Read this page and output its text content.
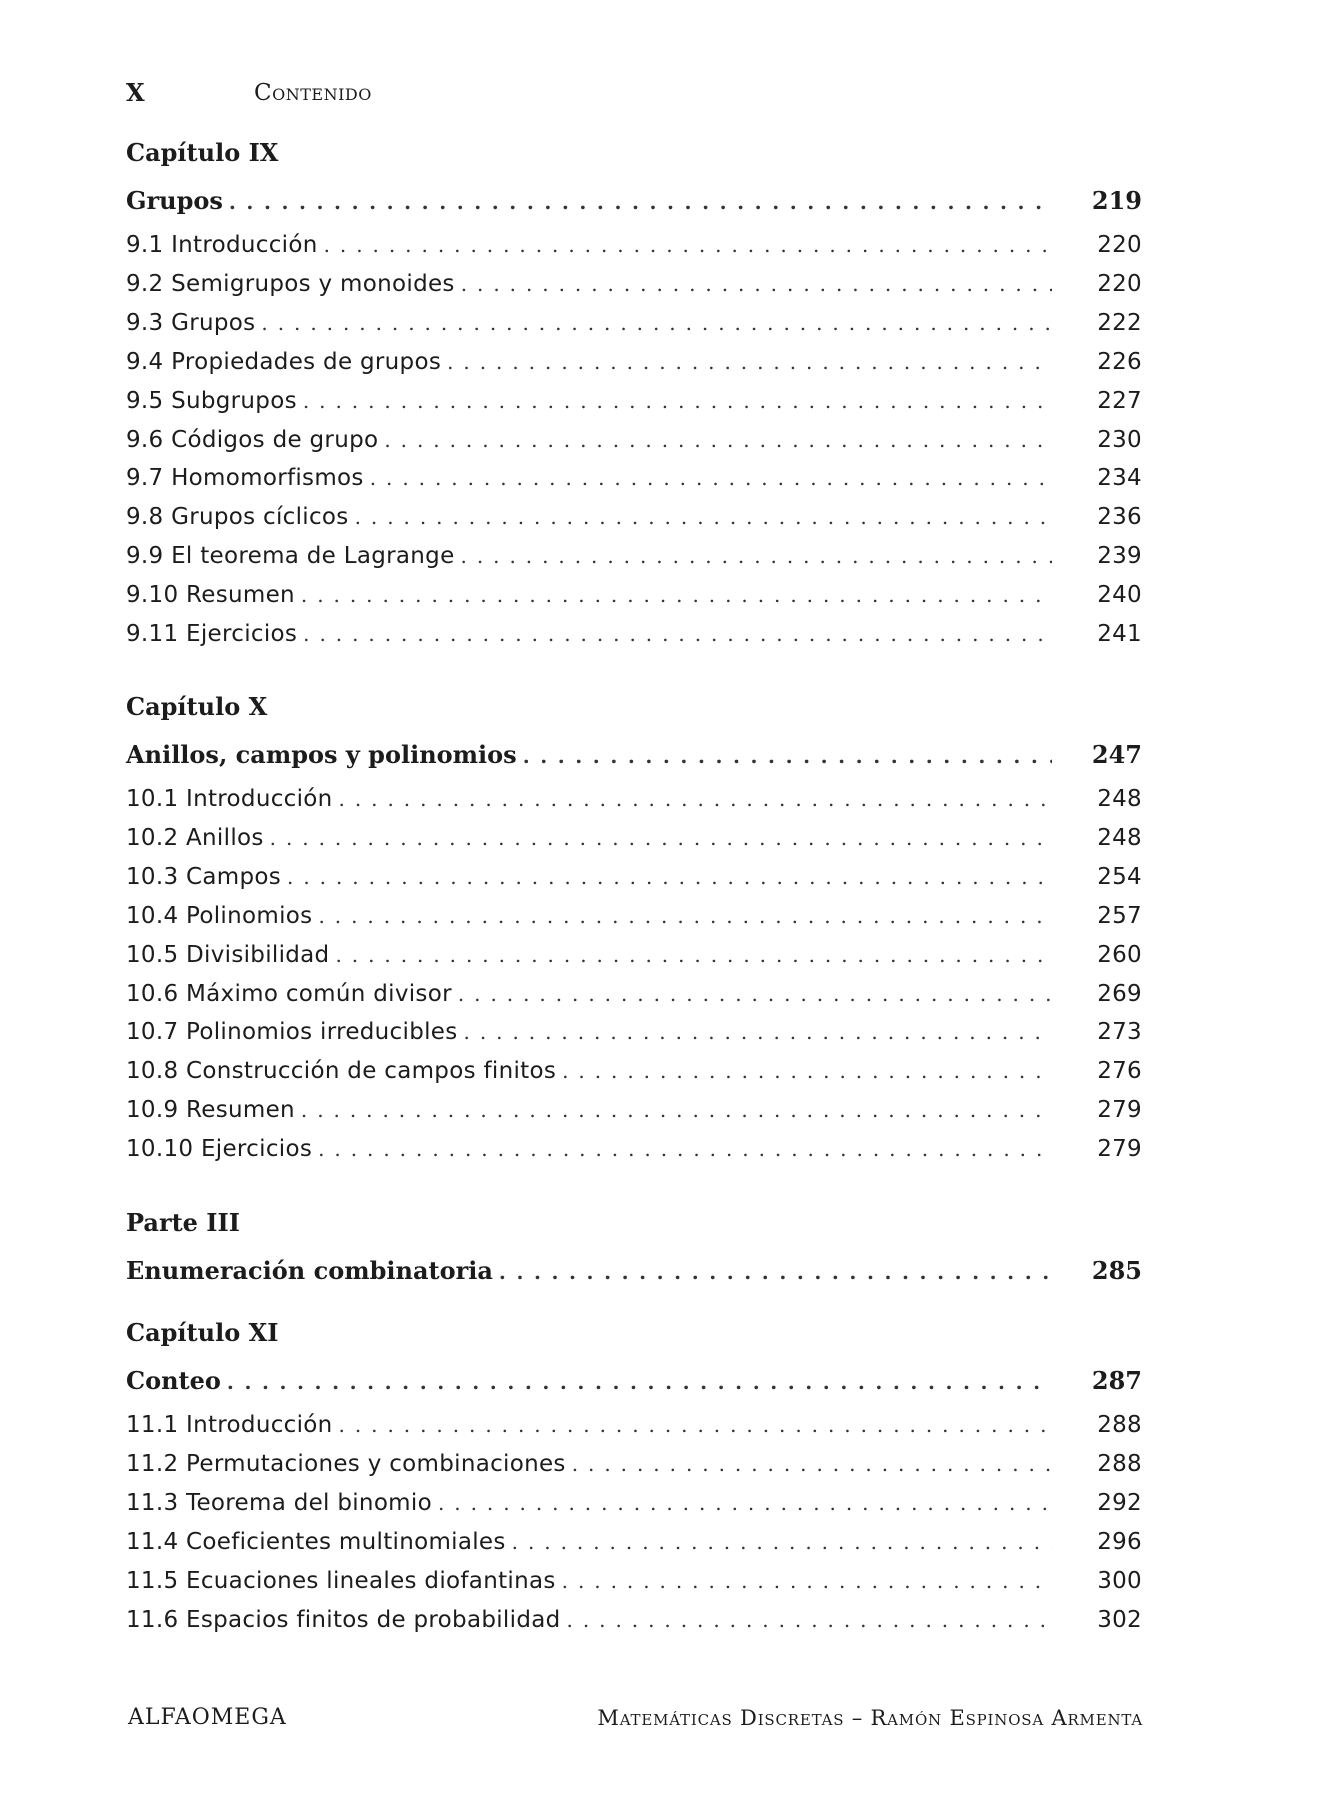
X	Contenido
Capítulo IX
Grupos . . .	219
9.1 Introducción . . .	220
9.2 Semigrupos y monoides . . .	220
9.3 Grupos . . .	222
9.4 Propiedades de grupos . . .	226
9.5 Subgrupos . . .	227
9.6 Códigos de grupo . . .	230
9.7 Homomorfismos . . .	234
9.8 Grupos cíclicos . . .	236
9.9 El teorema de Lagrange . . .	239
9.10 Resumen . . .	240
9.11 Ejercicios . . .	241
Capítulo X
Anillos, campos y polinomios . . .	247
10.1 Introducción . . .	248
10.2 Anillos . . .	248
10.3 Campos . . .	254
10.4 Polinomios . . .	257
10.5 Divisibilidad . . .	260
10.6 Máximo común divisor . . .	269
10.7 Polinomios irreducibles . . .	273
10.8 Construcción de campos finitos . . .	276
10.9 Resumen . . .	279
10.10 Ejercicios . . .	279
Parte III
Enumeración combinatoria . . .	285
Capítulo XI
Conteo . . .	287
11.1 Introducción . . .	288
11.2 Permutaciones y combinaciones . . .	288
11.3 Teorema del binomio . . .	292
11.4 Coeficientes multinomiales . . .	296
11.5 Ecuaciones lineales diofantinas . . .	300
11.6 Espacios finitos de probabilidad . . .	302
ALFAOMEGA	Matemáticas Discretas – Ramón Espinosa Armenta
